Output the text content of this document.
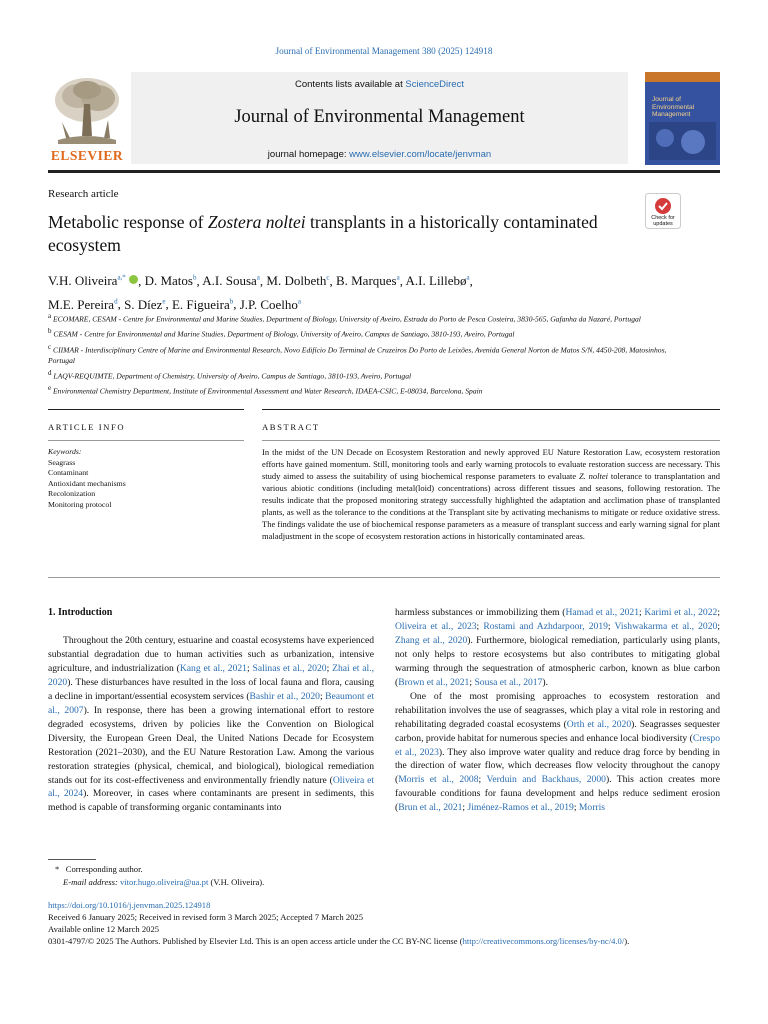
Journal of Environmental Management 380 (2025) 124918
ELSEVIER
Contents lists available at ScienceDirect
Journal of Environmental Management
journal homepage: www.elsevier.com/locate/jenvman
Journal of Environmental Management
Research article
Metabolic response of Zostera noltei transplants in a historically contaminated ecosystem
Check for
updates
V.H. Oliveira$^{a,*}$ , D. Matos$^b$, A.I. Sousa$^a$, M. Dolbeth$^c$, B. Marques$^a$, A.I. Lillebø$^a$,
M.E. Pereira$^d$, S. Díez$^e$, E. Figueira$^b$, J.P. Coelho$^a$

$^a$ ECOMARE, CESAM - Centre for Environmental and Marine Studies, Department of Biology, University of Aveiro, Estrada do Porto de Pesca Costeira, 3830-565, Gafanha da Nazaré, Portugal

$^b$ CESAM - Centre for Environmental and Marine Studies, Department of Biology, University of Aveiro, Campus de Santiago, 3810-193, Aveiro, Portugal

$^c$ CIIMAR - Interdisciplinary Centre of Marine and Environmental Research, Novo Edifício Do Terminal de Cruzeiros Do Porto de Leixões, Avenida General Norton de Matos S/N, 4450-208, Matosinhos, Portugal

$^d$ LAQV-REQUIMTE, Department of Chemistry, University of Aveiro, Campus de Santiago, 3810-193, Aveiro, Portugal

$^e$ Environmental Chemistry Department, Institute of Environmental Assessment and Water Research, IDAEA-CSIC, E-08034, Barcelona, Spain

ARTICLE INFO	ABSTRACT
Keywords:
Seagrass
Contaminant
Antioxidant mechanisms
Recolonization
Monitoring protocol
In the midst of the UN Decade on Ecosystem Restoration and newly approved EU Nature Restoration Law, ecosystem restoration efforts have gained momentum. Still, monitoring tools and early warning protocols to evaluate restoration success are necessary. This study aimed to assess the suitability of using biochemical response parameters to evaluate Z. noltei tolerance to transplantation and various abiotic conditions (including metal(loid) concentrations) across different tissues and seasons, following restoration. The results indicate that the proposed monitoring strategy successfully highlighted the adaptation and acclimation phase of transplanted plants, as well as the tolerance to the conditions at the Transplant site by activating mechanisms to mitigate or reduce oxidative stress. The findings validate the use of biochemical response parameters as a measure of transplant success and early warning signal for plant maladjustment in the scope of ecosystem restoration actions in historically contaminated areas.
1. Introduction

Throughout the 20th century, estuarine and coastal ecosystems have experienced substantial degradation due to human activities such as urbanization, intensive agriculture, and industrialization (Kang et al., 2021; Salinas et al., 2020; Zhai et al., 2020). These disturbances have resulted in the loss of local fauna and flora, causing a decline in important/essential ecosystem services (Bashir et al., 2020; Beaumont et al., 2007). In response, there has been a growing international effort to restore degraded ecosystems, driven by policies like the Convention on Biological Diversity, the European Green Deal, the United Nations Decade for Ecosystem Restoration (2021–2030), and the EU Nature Restoration Law. Among the various restoration strategies (physical, chemical, and biological), biological remediation stands out for its cost-effectiveness and environmentally friendly nature (Oliveira et al., 2024). Moreover, in cases where contaminants are present in sediments, this method is capable of transforming organic contaminants into

harmless substances or immobilizing them (Hamad et al., 2021; Karimi et al., 2022; Oliveira et al., 2023; Rostami and Azhdarpoor, 2019; Vishwakarma et al., 2020; Zhang et al., 2020). Furthermore, biological remediation, particularly using plants, not only helps to restore ecosystems but also contributes to mitigating global warming through the sequestration of atmospheric carbon, known as blue carbon (Brown et al., 2021; Sousa et al., 2017).

One of the most promising approaches to ecosystem restoration and rehabilitation involves the use of seagrasses, which play a vital role in restoring and rehabilitating degraded coastal ecosystems (Orth et al., 2020). Seagrasses sequester carbon, provide habitat for numerous species and enhance local biodiversity (Crespo et al., 2023). They also improve water quality and reduce drag force by bending in the direction of water flow, which decreases flow velocity throughout the canopy (Morris et al., 2008; Verduin and Backhaus, 2000). This action creates more favourable conditions for fauna development and helps reduce sediment erosion (Brun et al., 2021; Jiménez-Ramos et al., 2019; Morris

* Corresponding author.
E-mail address: vitor.hugo.oliveira@ua.pt (V.H. Oliveira).
https://doi.org/10.1016/j.jenvman.2025.124918
Received 6 January 2025; Received in revised form 3 March 2025; Accepted 7 March 2025
Available online 12 March 2025
0301-4797/© 2025 The Authors. Published by Elsevier Ltd. This is an open access article under the CC BY-NC license (http://creativecommons.org/licenses/by-nc/4.0/).
